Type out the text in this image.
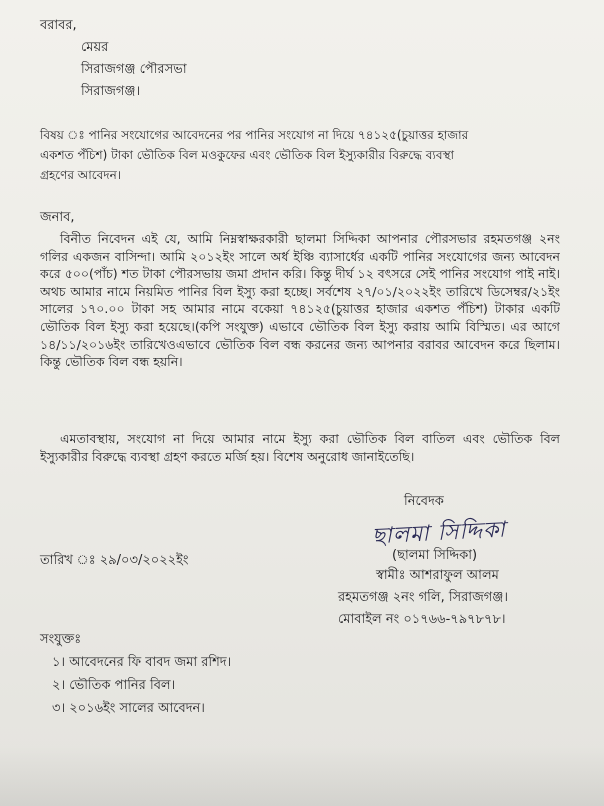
বরাবর,
মেয়র
সিরাজগঞ্জ পৌরসভা
সিরাজগঞ্জ।
বিষয় ঃ পানির সংযোগের আবেদনের পর পানির সংযোগ না দিয়ে ৭৪১২৫(চুয়াত্তর হাজার
একশত পঁচিশ) টাকা ভৌতিক বিল মওকুফের এবং ভৌতিক বিল ইস্যুকারীর বিরুদ্ধে ব্যবস্থা
গ্রহণের আবেদন।
জনাব,
বিনীত নিবেদন এই যে, আমি নিম্নস্বাক্ষরকারী ছালমা সিদ্দিকা আপনার পৌরসভার রহমতগঞ্জ ২নং গলির একজন বাসিন্দা। আমি ২০১২ইং সালে অর্ধ ইঞ্চি ব্যাসার্ধের একটি পানির সংযোগের জন্য আবেদন করে ৫০০(পাঁচ) শত টাকা পৌরসভায় জমা প্রদান করি। কিন্তু দীর্ঘ ১২ বৎসরে সেই পানির সংযোগ পাই নাই। অথচ আমার নামে নিয়মিত পানির বিল ইস্যু করা হচ্ছে। সর্বশেষ ২৭/০১/২০২২ইং তারিখে ডিসেম্বর/২১ইং সালের ১৭০.০০ টাকা সহ আমার নামে বকেয়া ৭৪১২৫(চুয়াত্তর হাজার একশত পঁচিশ) টাকার একটি ভৌতিক বিল ইস্যু করা হয়েছে।(কপি সংযুক্ত) এভাবে ভৌতিক বিল ইস্যু করায় আমি বিস্মিত। এর আগে ১৪/১১/২০১৬ইং তারিখেওএভাবে ভৌতিক বিল বন্ধ করনের জন্য আপনার বরাবর আবেদন করে ছিলাম। কিন্তু ভৌতিক বিল বন্ধ হয়নি।
এমতাবস্থায়, সংযোগ না দিয়ে আমার নামে ইস্যু করা ভৌতিক বিল বাতিল এবং ভৌতিক বিল ইস্যুকারীর বিরুদ্ধে ব্যবস্থা গ্রহণ করতে মর্জি হয়। বিশেষ অনুরোধ জানাইতেছি।
নিবেদক
ছালমা সিদ্দিকা
(ছালমা সিদ্দিকা)
স্বামীঃ আশরাফুল আলম
রহমতগঞ্জ ২নং গলি, সিরাজগঞ্জ।
মোবাইল নং ০১৭৬৬-৭৯৭৮৭৮।
তারিখ ঃ ২৯/০৩/২০২২ইং
সংযুক্তঃ
১। আবেদনের ফি বাবদ জমা রশিদ।
২। ভৌতিক পানির বিল।
৩। ২০১৬ইং সালের আবেদন।
